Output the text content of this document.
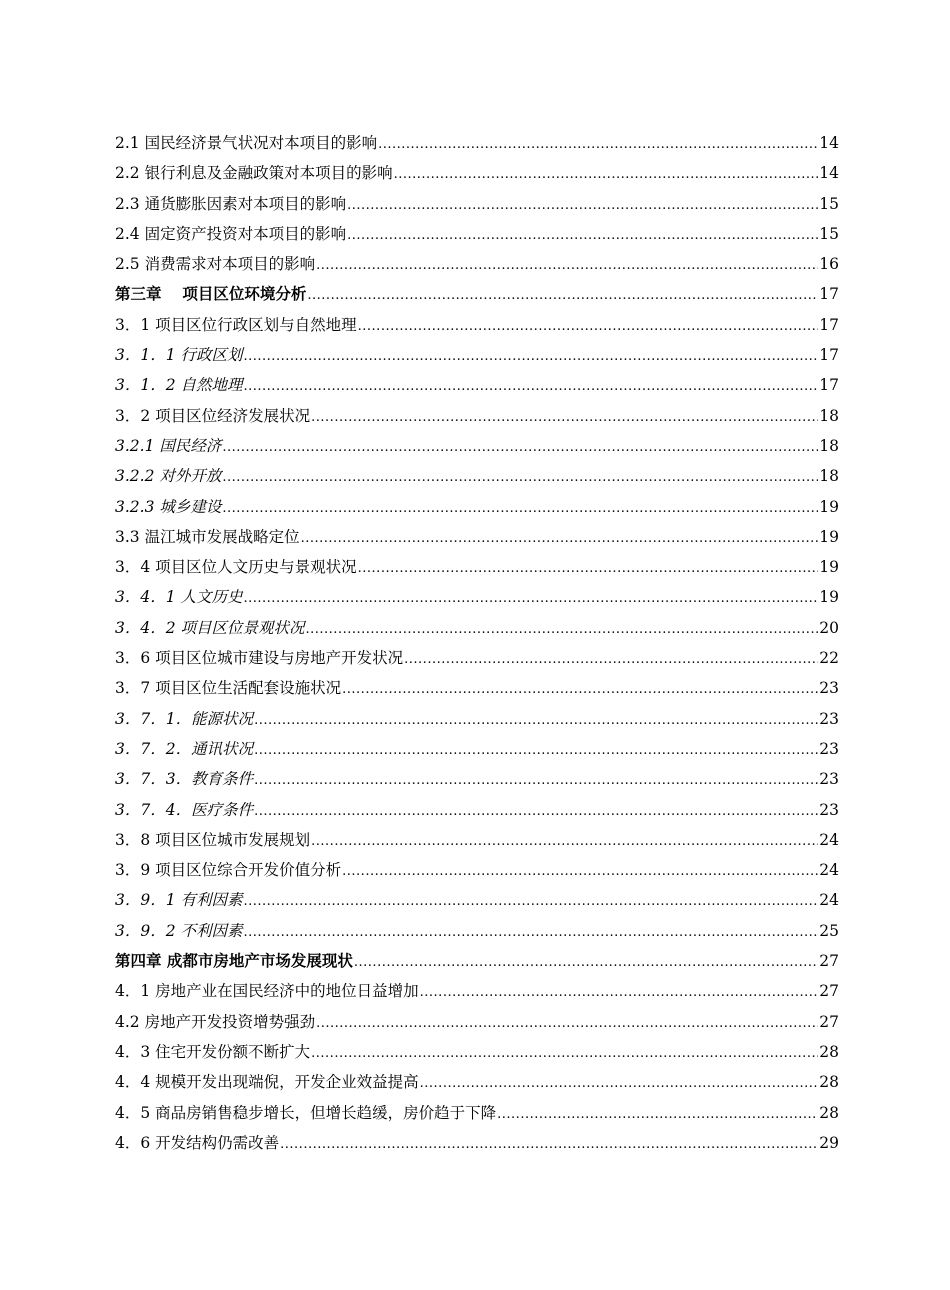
2.1 国民经济景气状况对本项目的影响 .....	14
2.2 银行利息及金融政策对本项目的影响 .....	14
2.3 通货膨胀因素对本项目的影响 .....	15
2.4 固定资产投资对本项目的影响 .....	15
2.5 消费需求对本项目的影响 .....	16
第三章　 项目区位环境分析 .....	17
3．1 项目区位行政区划与自然地理 .....	17
3．1．1 行政区划 .....	17
3．1．2 自然地理 .....	17
3．2 项目区位经济发展状况 .....	18
3.2.1 国民经济 .....	18
3.2.2 对外开放 .....	18
3.2.3 城乡建设 .....	19
3.3 温江城市发展战略定位 .....	19
3．4 项目区位人文历史与景观状况 .....	19
3．4．1 人文历史 .....	19
3．4．2 项目区位景观状况 .....	20
3．6 项目区位城市建设与房地产开发状况 .....	22
3．7 项目区位生活配套设施状况 .....	23
3．7．1．能源状况 .....	23
3．7．2．通讯状况 .....	23
3．7．3．教育条件 .....	23
3．7．4．医疗条件 .....	23
3．8 项目区位城市发展规划 .....	24
3．9 项目区位综合开发价值分析 .....	24
3．9．1 有利因素 .....	24
3．9．2 不利因素 .....	25
第四章 成都市房地产市场发展现状 .....	27
4．1 房地产业在国民经济中的地位日益增加 .....	27
4.2 房地产开发投资增势强劲 .....	27
4．3 住宅开发份额不断扩大 .....	28
4．4 规模开发出现端倪，开发企业效益提高 .....	28
4．5 商品房销售稳步增长，但增长趋缓，房价趋于下降 .....	28
4．6 开发结构仍需改善 .....	29
